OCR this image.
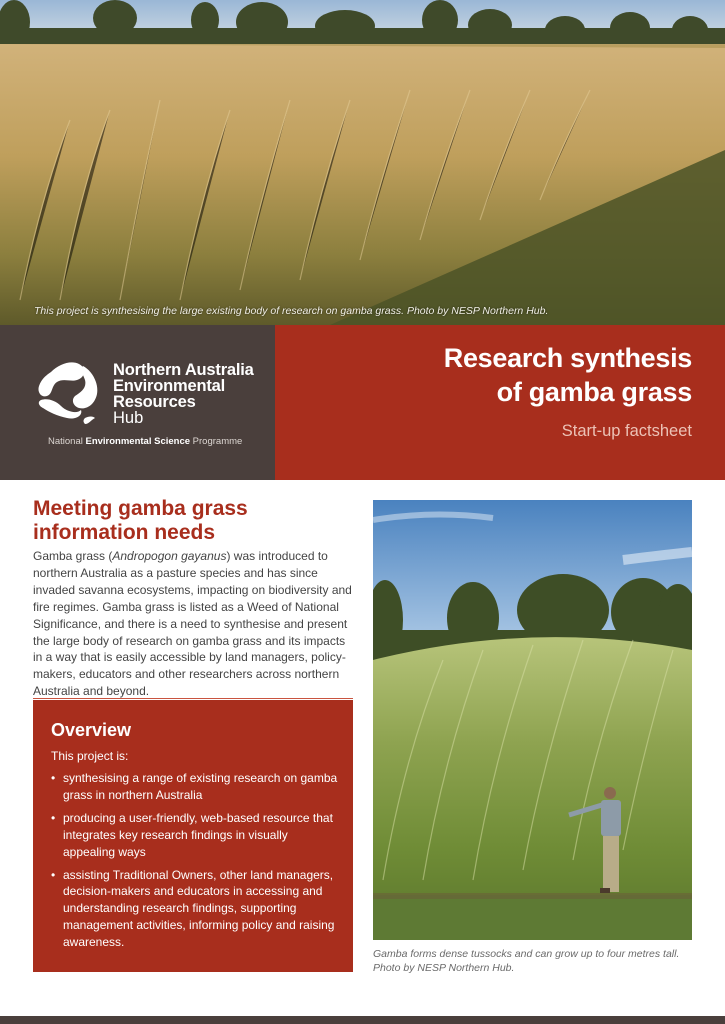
This project is synthesising the large existing body of research on gamba grass. Photo by NESP Northern Hub.
Northern Australia
Environmental
Resources
Hub
National Environmental Science Programme
Research synthesis
of gamba grass
Start-up factsheet
Meeting gamba grass
information needs

Gamba grass (Andropogon gayanus) was introduced to northern Australia as a pasture species and has since invaded savanna ecosystems, impacting on biodiversity and fire regimes. Gamba grass is listed as a Weed of National Significance, and there is a need to synthesise and present the large body of research on gamba grass and its impacts in a way that is easily accessible by land managers, policy-makers, educators and other researchers across northern Australia and beyond.

Overview
This project is:
• synthesising a range of existing research on gamba grass in northern Australia
• producing a user-friendly, web-based resource that integrates key research findings in visually appealing ways
• assisting Traditional Owners, other land managers, decision-makers and educators in accessing and understanding research findings, supporting management activities, informing policy and raising awareness.
Gamba forms dense tussocks and can grow up to four metres tall. Photo by NESP Northern Hub.
